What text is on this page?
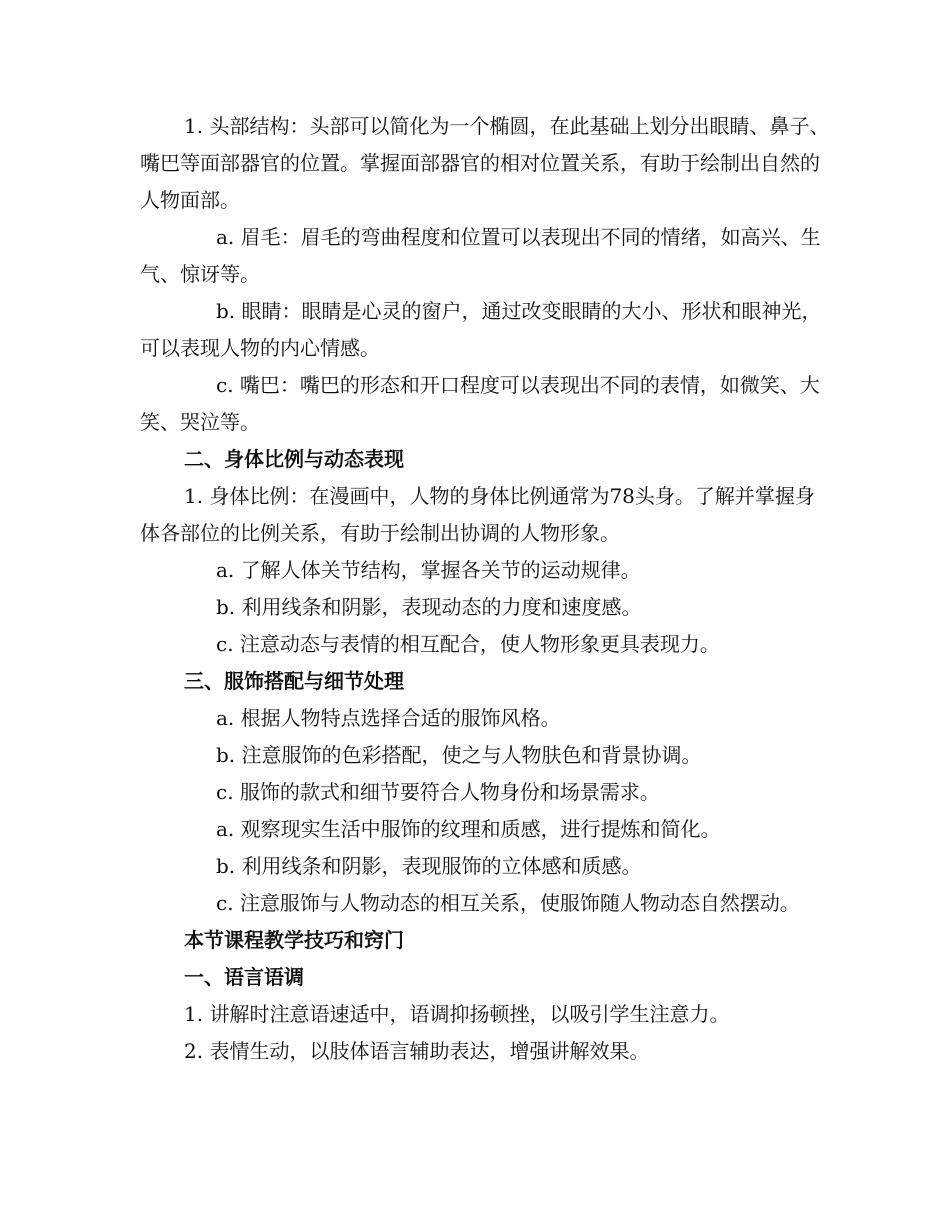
1. 头部结构：头部可以简化为一个椭圆，在此基础上划分出眼睛、鼻子、嘴巴等面部器官的位置。掌握面部器官的相对位置关系，有助于绘制出自然的人物面部。

a. 眉毛：眉毛的弯曲程度和位置可以表现出不同的情绪，如高兴、生气、惊讶等。

b. 眼睛：眼睛是心灵的窗户，通过改变眼睛的大小、形状和眼神光，可以表现人物的内心情感。

c. 嘴巴：嘴巴的形态和开口程度可以表现出不同的表情，如微笑、大笑、哭泣等。

二、身体比例与动态表现

1. 身体比例：在漫画中，人物的身体比例通常为78头身。了解并掌握身体各部位的比例关系，有助于绘制出协调的人物形象。

a. 了解人体关节结构，掌握各关节的运动规律。

b. 利用线条和阴影，表现动态的力度和速度感。

c. 注意动态与表情的相互配合，使人物形象更具表现力。

三、服饰搭配与细节处理

a. 根据人物特点选择合适的服饰风格。

b. 注意服饰的色彩搭配，使之与人物肤色和背景协调。

c. 服饰的款式和细节要符合人物身份和场景需求。

a. 观察现实生活中服饰的纹理和质感，进行提炼和简化。

b. 利用线条和阴影，表现服饰的立体感和质感。

c. 注意服饰与人物动态的相互关系，使服饰随人物动态自然摆动。

本节课程教学技巧和窍门

一、语言语调

1. 讲解时注意语速适中，语调抑扬顿挫，以吸引学生注意力。

2. 表情生动，以肢体语言辅助表达，增强讲解效果。
